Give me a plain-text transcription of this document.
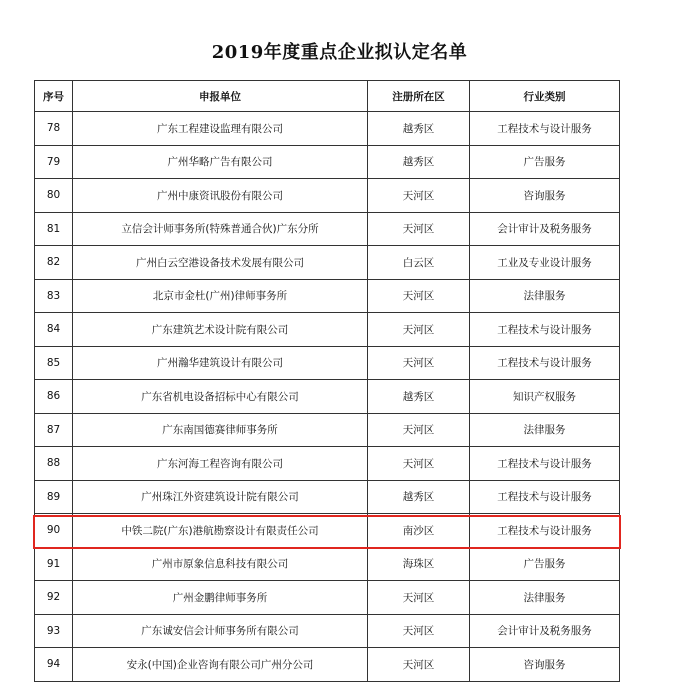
2019年度重点企业拟认定名单
序号	申报单位	注册所在区	行业类别
78	广东工程建设监理有限公司	越秀区	工程技术与设计服务
79	广州华略广告有限公司	越秀区	广告服务
80	广州中康资讯股份有限公司	天河区	咨询服务
81	立信会计师事务所(特殊普通合伙)广东分所	天河区	会计审计及税务服务
82	广州白云空港设备技术发展有限公司	白云区	工业及专业设计服务
83	北京市金杜(广州)律师事务所	天河区	法律服务
84	广东建筑艺术设计院有限公司	天河区	工程技术与设计服务
85	广州瀚华建筑设计有限公司	天河区	工程技术与设计服务
86	广东省机电设备招标中心有限公司	越秀区	知识产权服务
87	广东南国德赛律师事务所	天河区	法律服务
88	广东河海工程咨询有限公司	天河区	工程技术与设计服务
89	广州珠江外资建筑设计院有限公司	越秀区	工程技术与设计服务
90	中铁二院(广东)港航勘察设计有限责任公司	南沙区	工程技术与设计服务
91	广州市原象信息科技有限公司	海珠区	广告服务
92	广州金鹏律师事务所	天河区	法律服务
93	广东诚安信会计师事务所有限公司	天河区	会计审计及税务服务
94	安永(中国)企业咨询有限公司广州分公司	天河区	咨询服务
